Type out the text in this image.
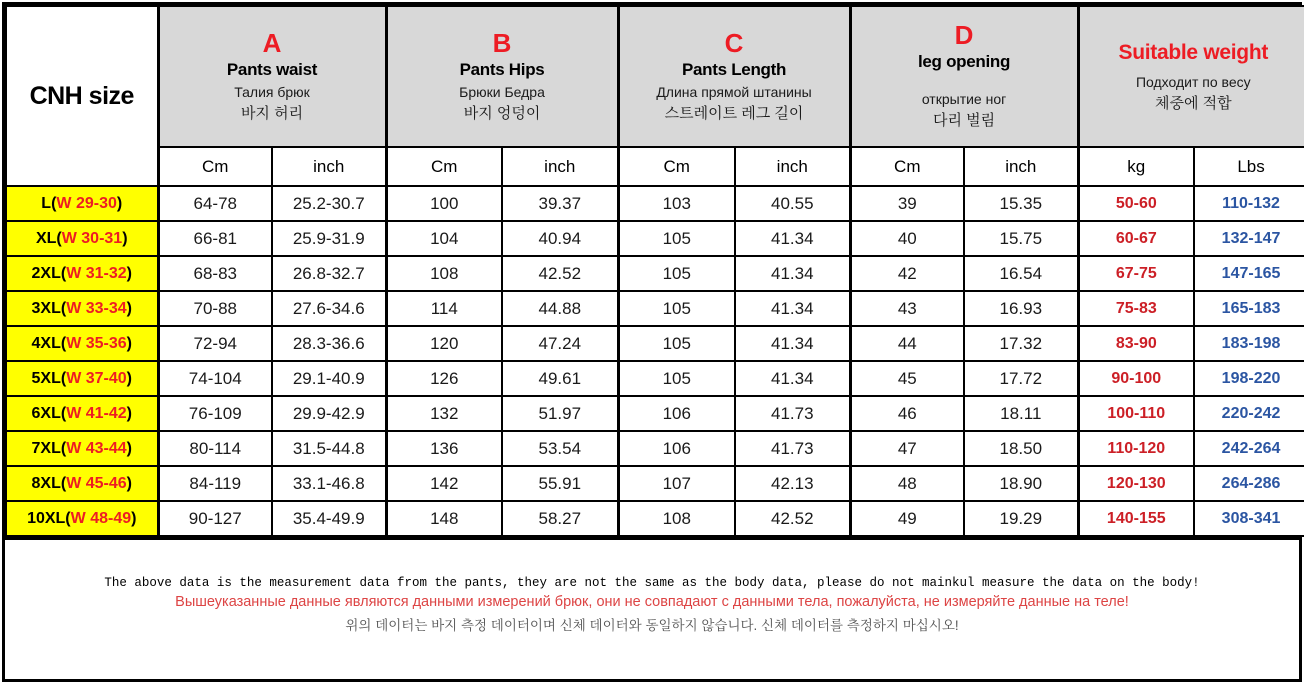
CNH size	
A
Pants waist
Талия брюк
바지 허리

B
Pants Hips
Брюки Бедра
바지 엉덩이

C
Pants Length
Длина прямой штанины
스트레이트 레그 길이

D
leg opening
открытие ног
다리 벌림

Suitable weight
Подходит по весу
체중에 적합

	Cm	inch	Cm	inch	Cm	inch	Cm	inch	kg	Lbs
L(W 29-30)	64-78	25.2-30.7	100	39.37	103	40.55	39	15.35	50-60	110-132
XL(W 30-31)	66-81	25.9-31.9	104	40.94	105	41.34	40	15.75	60-67	132-147
2XL(W 31-32)	68-83	26.8-32.7	108	42.52	105	41.34	42	16.54	67-75	147-165
3XL(W 33-34)	70-88	27.6-34.6	114	44.88	105	41.34	43	16.93	75-83	165-183
4XL(W 35-36)	72-94	28.3-36.6	120	47.24	105	41.34	44	17.32	83-90	183-198
5XL(W 37-40)	74-104	29.1-40.9	126	49.61	105	41.34	45	17.72	90-100	198-220
6XL(W 41-42)	76-109	29.9-42.9	132	51.97	106	41.73	46	18.11	100-110	220-242
7XL(W 43-44)	80-114	31.5-44.8	136	53.54	106	41.73	47	18.50	110-120	242-264
8XL(W 45-46)	84-119	33.1-46.8	142	55.91	107	42.13	48	18.90	120-130	264-286
10XL(W 48-49)	90-127	35.4-49.9	148	58.27	108	42.52	49	19.29	140-155	308-341
The above data is the measurement data from the pants, they are not the same as the body data, please do not mainkul measure the data on the body!
Вышеуказанные данные являются данными измерений брюк, они не совпадают с данными тела, пожалуйста, не измеряйте данные на теле!
위의 데이터는 바지 측정 데이터이며 신체 데이터와 동일하지 않습니다. 신체 데이터를 측정하지 마십시오!
